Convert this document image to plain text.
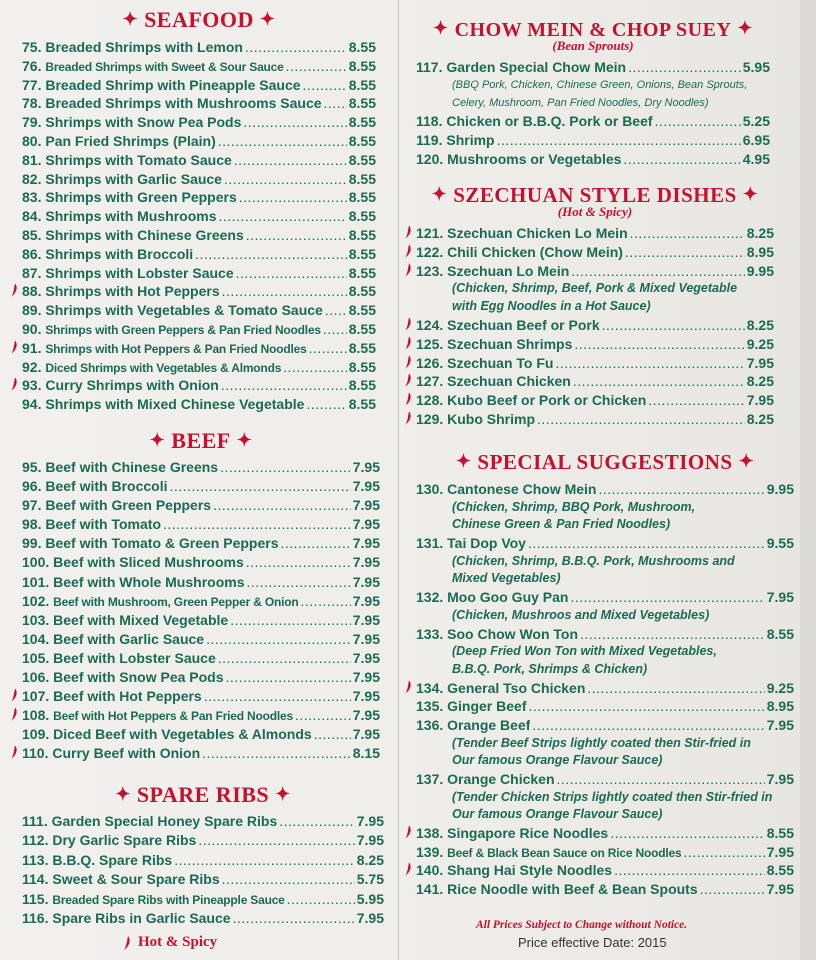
✦ SEAFOOD ✦
75. Breaded Shrimps with Lemon .....	8.55
76. Breaded Shrimps with Sweet & Sour Sauce .....	8.55
77. Breaded Shrimp with Pineapple Sauce .....	8.55
78. Breaded Shrimps with Mushrooms Sauce ..... 8.55
79. Shrimps with Snow Pea Pods .....	8.55
80. Pan Fried Shrimps (Plain) .....	8.55
81. Shrimps with Tomato Sauce .....	8.55
82. Shrimps with Garlic Sauce .....	8.55
83. Shrimps with Green Peppers .....	8.55
84. Shrimps with Mushrooms .....	8.55
85. Shrimps with Chinese Greens .....	8.55
86. Shrimps with Broccoli .....	8.55
87. Shrimps with Lobster Sauce .....	8.55
88. Shrimps with Hot Peppers .....	8.55
89. Shrimps with Vegetables & Tomato Sauce ..... 8.55
90. Shrimps with Green Peppers & Pan Fried Noodles ..... 8.55
91. Shrimps with Hot Peppers & Pan Fried Noodles .....	8.55
92. Diced Shrimps with Vegetables & Almonds .....	8.55
93. Curry Shrimps with Onion .....	8.55
94. Shrimps with Mixed Chinese Vegetable .....	8.55
✦ BEEF ✦
95. Beef with Chinese Greens .....	7.95
96. Beef with Broccoli .....	7.95
97. Beef with Green Peppers .....	7.95
98. Beef with Tomato .....	7.95
99. Beef with Tomato & Green Peppers .....	7.95
100. Beef with Sliced Mushrooms .....	7.95
101. Beef with Whole Mushrooms .....	7.95
102. Beef with Mushroom, Green Pepper & Onion .....	7.95
103. Beef with Mixed Vegetable .....	7.95
104. Beef with Garlic Sauce .....	7.95
105. Beef with Lobster Sauce .....	7.95
106. Beef with Snow Pea Pods .....	7.95
107. Beef with Hot Peppers .....	7.95
108. Beef with Hot Peppers & Pan Fried Noodles .....	7.95
109. Diced Beef with Vegetables & Almonds .....	7.95
110. Curry Beef with Onion .....	8.15
✦ SPARE RIBS ✦
111. Garden Special Honey Spare Ribs .....	7.95
112. Dry Garlic Spare Ribs .....	7.95
113. B.B.Q. Spare Ribs .....	8.25
114. Sweet & Sour Spare Ribs .....	5.75
115. Breaded Spare Ribs with Pineapple Sauce .....	5.95
116. Spare Ribs in Garlic Sauce .....	7.95
✦ CHOW MEIN & CHOP SUEY ✦
(Bean Sprouts)
117. Garden Special Chow Mein .....	5.95
(BBQ Pork, Chicken, Chinese Green, Onions, Bean Sprouts,
Celery, Mushroom, Pan Fried Noodles, Dry Noodles)
118. Chicken or B.B.Q. Pork or Beef .....	5.25
119. Shrimp .....	6.95
120. Mushrooms or Vegetables .....	4.95
✦ SZECHUAN STYLE DISHES ✦
(Hot & Spicy)
121. Szechuan Chicken Lo Mein .....	8.25
122. Chili Chicken (Chow Mein) .....	8.95
123. Szechuan Lo Mein .....	9.95
(Chicken, Shrimp, Beef, Pork & Mixed Vegetable
with Egg Noodles in a Hot Sauce)
124. Szechuan Beef or Pork .....	8.25
125. Szechuan Shrimps .....	9.25
126. Szechuan To Fu .....	7.95
127. Szechuan Chicken .....	8.25
128. Kubo Beef or Pork or Chicken .....	7.95
129. Kubo Shrimp .....	8.25
✦ SPECIAL SUGGESTIONS ✦
130. Cantonese Chow Mein .....	9.95
(Chicken, Shrimp, BBQ Pork, Mushroom,
Chinese Green & Pan Fried Noodles)
131. Tai Dop Voy .....	9.55
(Chicken, Shrimp, B.B.Q. Pork, Mushrooms and
Mixed Vegetables)
132. Moo Goo Guy Pan .....	7.95
(Chicken, Mushroos and Mixed Vegetables)
133. Soo Chow Won Ton .....	8.55
(Deep Fried Won Ton with Mixed Vegetables,
B.B.Q. Pork, Shrimps & Chicken)
134. General Tso Chicken .....	9.25
135. Ginger Beef .....	8.95
136. Orange Beef .....	7.95
(Tender Beef Strips lightly coated then Stir-fried in
Our famous Orange Flavour Sauce)
137. Orange Chicken .....	7.95
(Tender Chicken Strips lightly coated then Stir-fried in
Our famous Orange Flavour Sauce)
138. Singapore Rice Noodles .....	8.55
139. Beef & Black Bean Sauce on Rice Noodles .....	7.95
140. Shang Hai Style Noodles .....	8.55
141. Rice Noodle with Beef & Bean Spouts .....	7.95
Hot & Spicy
All Prices Subject to Change without Notice.
Price effective Date: 2015
